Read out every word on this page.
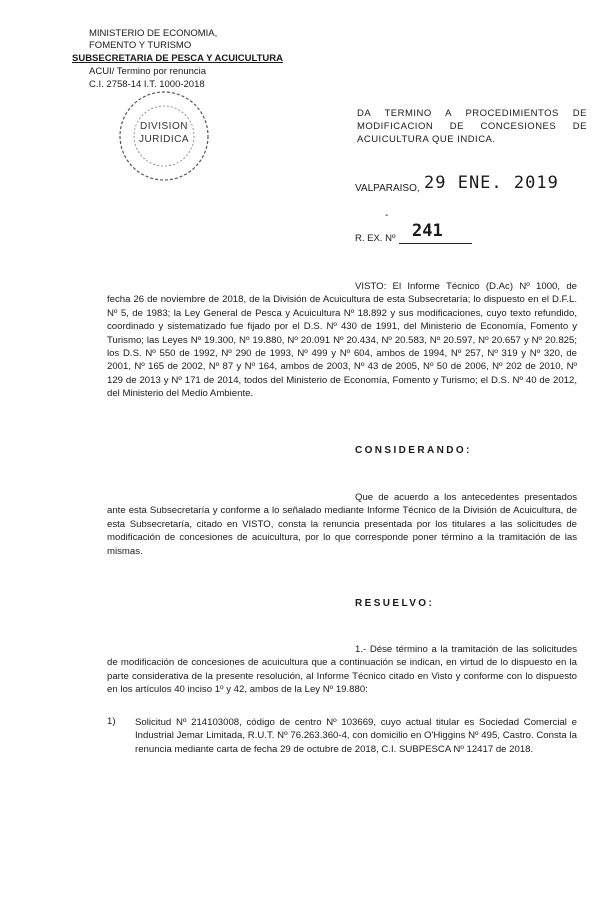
MINISTERIO DE ECONOMIA,
FOMENTO Y TURISMO
SUBSECRETARIA DE PESCA Y ACUICULTURA
ACUI/ Termino por renuncia
C.I. 2758-14 I.T. 1000-2018
DIVISION
JURIDICA
DA TERMINO A PROCEDIMIENTOS DE MODIFICACION DE CONCESIONES DE ACUICULTURA QUE INDICA.
VALPARAISO, 29 ENE. 2019
-
R. EX. Nº 241
VISTO: El Informe Técnico (D.Ac) Nº 1000, de fecha 26 de noviembre de 2018, de la División de Acuicultura de esta Subsecretaría; lo dispuesto en el D.F.L. Nº 5, de 1983; la Ley General de Pesca y Acuicultura Nº 18.892 y sus modificaciones, cuyo texto refundido, coordinado y sistematizado fue fijado por el D.S. Nº 430 de 1991, del Ministerio de Economía, Fomento y Turismo; las Leyes Nº 19.300, Nº 19.880, Nº 20.091 Nº 20.434, Nº 20.583, Nº 20.597, Nº 20.657 y Nº 20.825; los D.S. Nº 550 de 1992, Nº 290 de 1993, Nº 499 y Nº 604, ambos de 1994, Nº 257, Nº 319 y Nº 320, de 2001, Nº 165 de 2002, Nº 87 y Nº 164, ambos de 2003, Nº 43 de 2005, Nº 50 de 2006, Nº 202 de 2010, Nº 129 de 2013 y Nº 171 de 2014, todos del Ministerio de Economía, Fomento y Turismo; el D.S. Nº 40 de 2012, del Ministerio del Medio Ambiente.
CONSIDERANDO:
Que de acuerdo a los antecedentes presentados ante esta Subsecretaría y conforme a lo señalado mediante Informe Técnico de la División de Acuicultura, de esta Subsecretaría, citado en VISTO, consta la renuncia presentada por los titulares a las solicitudes de modificación de concesiones de acuicultura, por lo que corresponde poner término a la tramitación de las mismas.
RESUELVO:
1.- Dése término a la tramitación de las solicitudes de modificación de concesiones de acuicultura que a continuación se indican, en virtud de lo dispuesto en la parte considerativa de la presente resolución, al Informe Técnico citado en Visto y conforme con lo dispuesto en los artículos 40 inciso 1º y 42, ambos de la Ley Nº 19.880:
1) Solicitud Nº 214103008, código de centro Nº 103669, cuyo actual titular es Sociedad Comercial e Industrial Jemar Limitada, R.U.T. Nº 76.263.360-4, con domicilio en O'Higgins Nº 495, Castro. Consta la renuncia mediante carta de fecha 29 de octubre de 2018, C.I. SUBPESCA Nº 12417 de 2018.
